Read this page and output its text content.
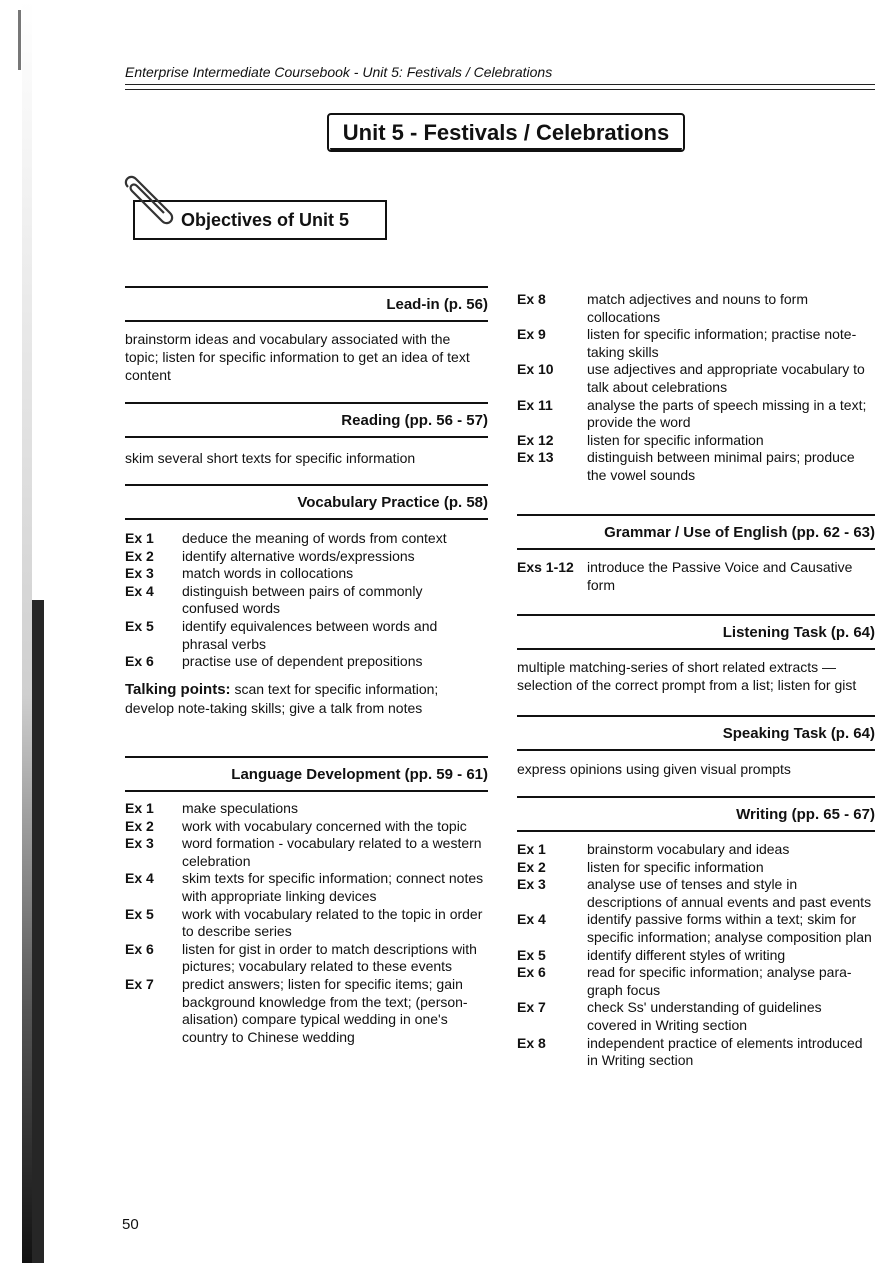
Enterprise Intermediate Coursebook - Unit 5: Festivals / Celebrations
Unit 5 - Festivals / Celebrations
Objectives of Unit 5
Lead-in (p. 56)
brainstorm ideas and vocabulary associated with the topic; listen for specific information to get an idea of text content
Reading (pp. 56 - 57)
skim several short texts for specific information
Vocabulary Practice (p. 58)
Ex 1	deduce the meaning of words from context
Ex 2	identify alternative words/expressions
Ex 3	match words in collocations
Ex 4	distinguish between pairs of commonly confused words
Ex 5	identify equivalences between words and phrasal verbs
Ex 6	practise use of dependent prepositions
Talking points: scan text for specific information; develop note-taking skills; give a talk from notes
Language Development (pp. 59 - 61)
Ex 1	make speculations
Ex 2	work with vocabulary concerned with the topic
Ex 3	word formation - vocabulary related to a western celebration
Ex 4	skim texts for specific information; connect notes with appropriate linking devices
Ex 5	work with vocabulary related to the topic in order to describe series
Ex 6	listen for gist in order to match descriptions with pictures; vocabulary related to these events
Ex 7	predict answers; listen for specific items; gain background knowledge from the text; (person-alisation) compare typical wedding in one's country to Chinese wedding
Ex 8	match adjectives and nouns to form collocations
Ex 9	listen for specific information; practise note-taking skills
Ex 10	use adjectives and appropriate vocabulary to talk about celebrations
Ex 11	analyse the parts of speech missing in a text; provide the word
Ex 12	listen for specific information
Ex 13	distinguish between minimal pairs; produce the vowel sounds
Grammar / Use of English (pp. 62 - 63)
Exs 1-12 introduce the Passive Voice and Causative form
Listening Task (p. 64)
multiple matching-series of short related extracts — selection of the correct prompt from a list; listen for gist
Speaking Task (p. 64)
express opinions using given visual prompts
Writing (pp. 65 - 67)
Ex 1	brainstorm vocabulary and ideas
Ex 2	listen for specific information
Ex 3	analyse use of tenses and style in descriptions of annual events and past events
Ex 4	identify passive forms within a text; skim for specific information; analyse composition plan
Ex 5	identify different styles of writing
Ex 6	read for specific information; analyse para-graph focus
Ex 7	check Ss' understanding of guidelines covered in Writing section
Ex 8	independent practice of elements introduced in Writing section
50
